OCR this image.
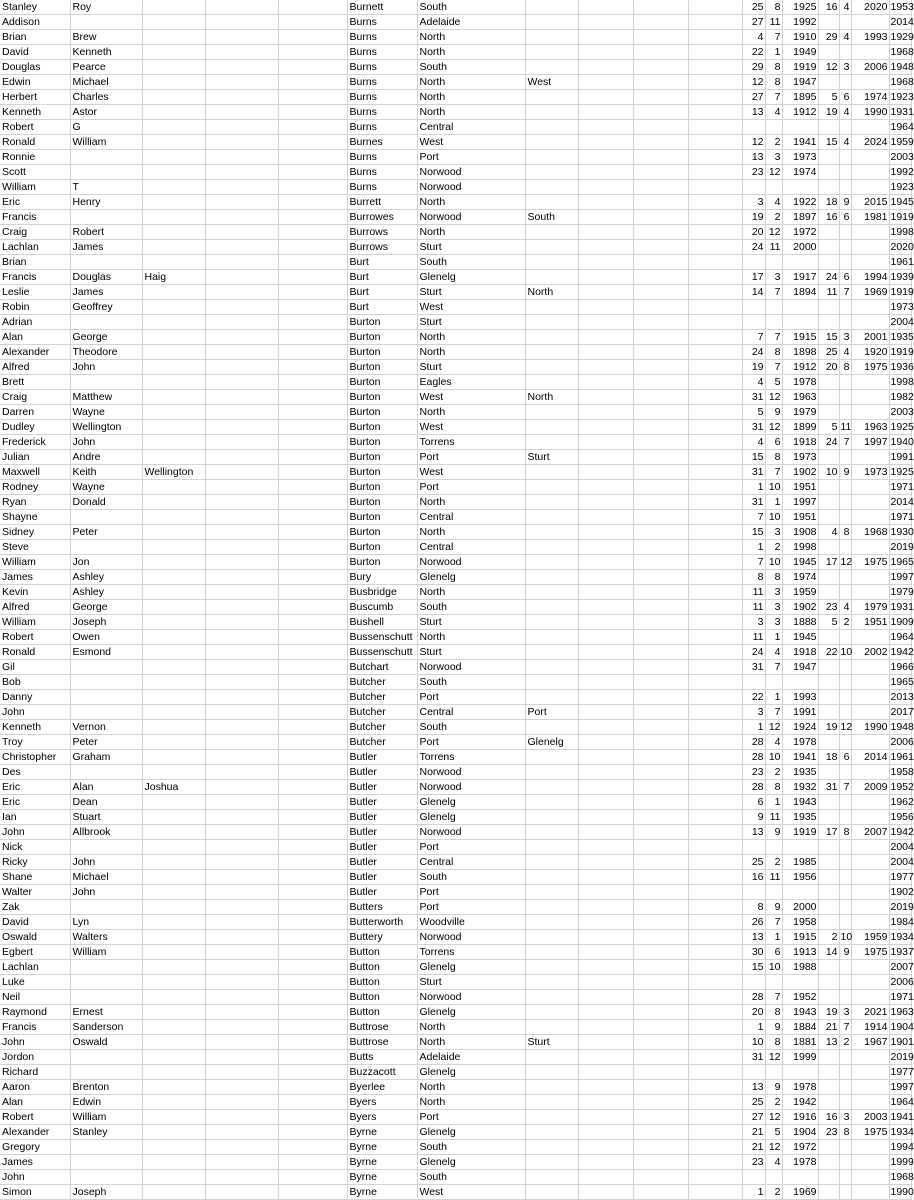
Stanley	Roy				Burnett	South					25	8	1925	16	4	2020	1953
Addison					Burns	Adelaide					27	11	1992				2014
Brian	Brew				Burns	North					4	7	1910	29	4	1993	1929
David	Kenneth				Burns	North					22	1	1949				1968
Douglas	Pearce				Burns	South					29	8	1919	12	3	2006	1948
Edwin	Michael				Burns	North	West				12	8	1947				1968
Herbert	Charles				Burns	North					27	7	1895	5	6	1974	1923
Kenneth	Astor				Burns	North					13	4	1912	19	4	1990	1931
Robert	G				Burns	Central											1964
Ronald	William				Burnes	West					12	2	1941	15	4	2024	1959
Ronnie					Burns	Port					13	3	1973				2003
Scott					Burns	Norwood					23	12	1974				1992
William	T				Burns	Norwood											1923
Eric	Henry				Burrett	North					3	4	1922	18	9	2015	1945
Francis					Burrowes	Norwood	South				19	2	1897	16	6	1981	1919
Craig	Robert				Burrows	North					20	12	1972				1998
Lachlan	James				Burrows	Sturt					24	11	2000				2020
Brian					Burt	South											1961
Francis	Douglas	Haig			Burt	Glenelg					17	3	1917	24	6	1994	1939
Leslie	James				Burt	Sturt	North				14	7	1894	11	7	1969	1919
Robin	Geoffrey				Burt	West											1973
Adrian					Burton	Sturt											2004
Alan	George				Burton	North					7	7	1915	15	3	2001	1935
Alexander	Theodore				Burton	North					24	8	1898	25	4	1920	1919
Alfred	John				Burton	Sturt					19	7	1912	20	8	1975	1936
Brett					Burton	Eagles					4	5	1978				1998
Craig	Matthew				Burton	West	North				31	12	1963				1982
Darren	Wayne				Burton	North					5	9	1979				2003
Dudley	Wellington				Burton	West					31	12	1899	5	11	1963	1925
Frederick	John				Burton	Torrens					4	6	1918	24	7	1997	1940
Julian	Andre				Burton	Port	Sturt				15	8	1973				1991
Maxwell	Keith	Wellington			Burton	West					31	7	1902	10	9	1973	1925
Rodney	Wayne				Burton	Port					1	10	1951				1971
Ryan	Donald				Burton	North					31	1	1997				2014
Shayne					Burton	Central					7	10	1951				1971
Sidney	Peter				Burton	North					15	3	1908	4	8	1968	1930
Steve					Burton	Central					1	2	1998				2019
William	Jon				Burton	Norwood					7	10	1945	17	12	1975	1965
James	Ashley				Bury	Glenelg					8	8	1974				1997
Kevin	Ashley				Busbridge	North					11	3	1959				1979
Alfred	George				Buscumb	South					11	3	1902	23	4	1979	1931
William	Joseph				Bushell	Sturt					3	3	1888	5	2	1951	1909
Robert	Owen				Bussenschutt	North					11	1	1945				1964
Ronald	Esmond				Bussenschutt	Sturt					24	4	1918	22	10	2002	1942
Gil					Butchart	Norwood					31	7	1947				1966
Bob					Butcher	South											1965
Danny					Butcher	Port					22	1	1993				2013
John					Butcher	Central	Port				3	7	1991				2017
Kenneth	Vernon				Butcher	South					1	12	1924	19	12	1990	1948
Troy	Peter				Butcher	Port	Glenelg				28	4	1978				2006
Christopher	Graham				Butler	Torrens					28	10	1941	18	6	2014	1961
Des					Butler	Norwood					23	2	1935				1958
Eric	Alan	Joshua			Butler	Norwood					28	8	1932	31	7	2009	1952
Eric	Dean				Butler	Glenelg					6	1	1943				1962
Ian	Stuart				Butler	Glenelg					9	11	1935				1956
John	Allbrook				Butler	Norwood					13	9	1919	17	8	2007	1942
Nick					Butler	Port											2004
Ricky	John				Butler	Central					25	2	1985				2004
Shane	Michael				Butler	South					16	11	1956				1977
Walter	John				Butler	Port											1902
Zak					Butters	Port					8	9	2000				2019
David	Lyn				Butterworth	Woodville					26	7	1958				1984
Oswald	Walters				Buttery	Norwood					13	1	1915	2	10	1959	1934
Egbert	William				Button	Torrens					30	6	1913	14	9	1975	1937
Lachlan					Button	Glenelg					15	10	1988				2007
Luke					Button	Sturt											2006
Neil					Button	Norwood					28	7	1952				1971
Raymond	Ernest				Button	Glenelg					20	8	1943	19	3	2021	1963
Francis	Sanderson				Buttrose	North					1	9	1884	21	7	1914	1904
John	Oswald				Buttrose	North	Sturt				10	8	1881	13	2	1967	1901
Jordon					Butts	Adelaide					31	12	1999				2019
Richard					Buzzacott	Glenelg											1977
Aaron	Brenton				Byerlee	North					13	9	1978				1997
Alan	Edwin				Byers	North					25	2	1942				1964
Robert	William				Byers	Port					27	12	1916	16	3	2003	1941
Alexander	Stanley				Byrne	Glenelg					21	5	1904	23	8	1975	1934
Gregory					Byrne	South					21	12	1972				1994
James					Byrne	Glenelg					23	4	1978				1999
John					Byrne	South											1968
Simon	Joseph				Byrne	West					1	2	1969				1990
